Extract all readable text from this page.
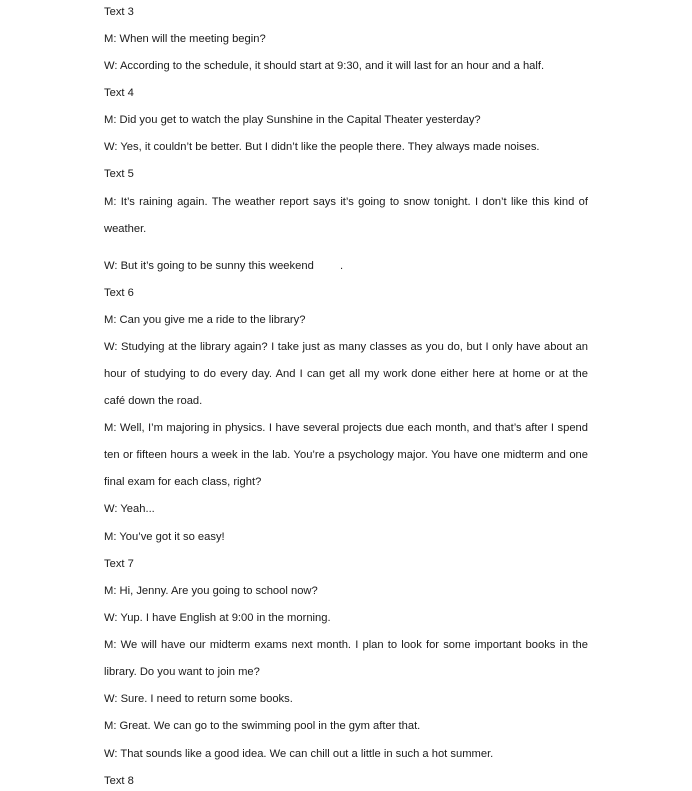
Text 3

M: When will the meeting begin?

W: According to the schedule, it should start at 9:30, and it will last for an hour and a half.

Text 4

M: Did you get to watch the play Sunshine in the Capital Theater yesterday?

W: Yes, it couldn’t be better. But I didn’t like the people there. They always made noises.

Text 5

M: It’s raining again. The weather report says it’s going to snow tonight. I don’t like this kind of

weather.

W: But it’s going to be sunny this weekend .

Text 6

M: Can you give me a ride to the library?

W: Studying at the library again? I take just as many classes as you do, but I only have about an

hour of studying to do every day. And I can get all my work done either here at home or at the

café down the road.

M: Well, I’m majoring in physics. I have several projects due each month, and that’s after I spend

ten or fifteen hours a week in the lab. You’re a psychology major. You have one midterm and one

final exam for each class, right?

W: Yeah...

M: You’ve got it so easy!

Text 7

M: Hi, Jenny. Are you going to school now?

W: Yup. I have English at 9:00 in the morning.

M: We will have our midterm exams next month. I plan to look for some important books in the

library. Do you want to join me?

W: Sure. I need to return some books.

M: Great. We can go to the swimming pool in the gym after that.

W: That sounds like a good idea. We can chill out a little in such a hot summer.

Text 8
